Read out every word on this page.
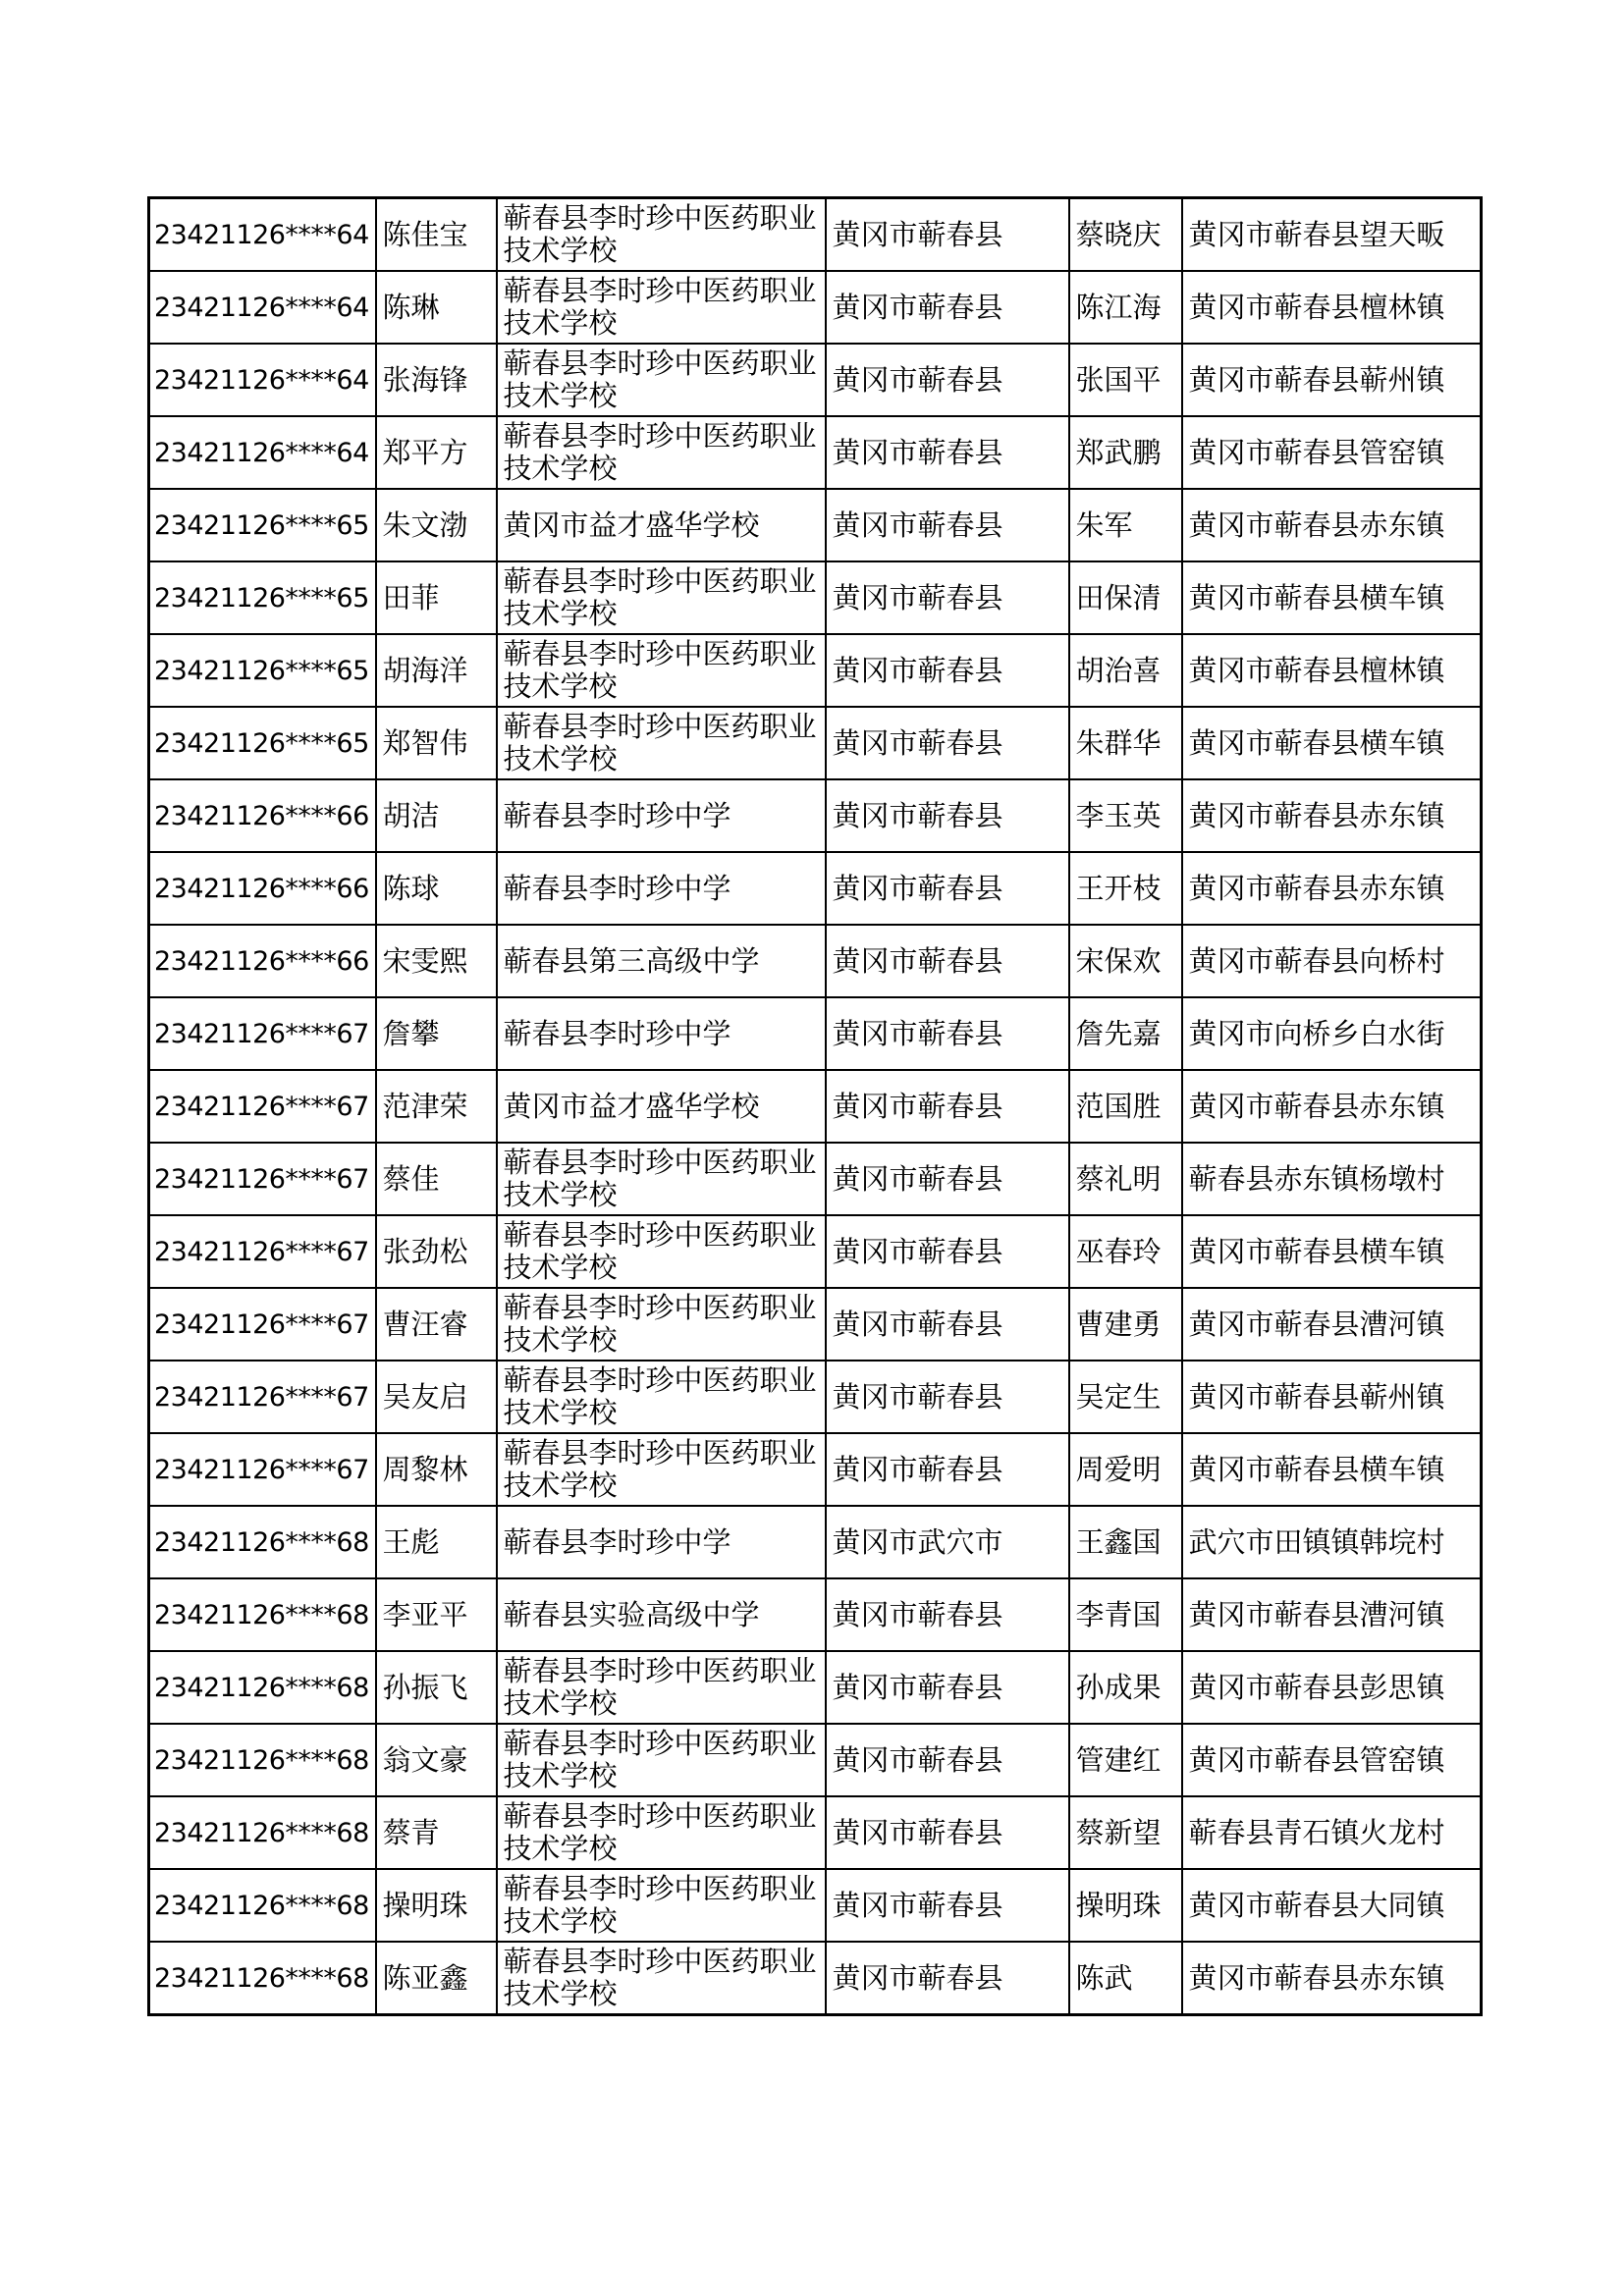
23421126****64	陈佳宝	蕲春县李时珍中医药职业技术学校	黄冈市蕲春县	蔡晓庆	黄冈市蕲春县望天畈
23421126****64	陈琳	蕲春县李时珍中医药职业技术学校	黄冈市蕲春县	陈江海	黄冈市蕲春县檀林镇
23421126****64	张海锋	蕲春县李时珍中医药职业技术学校	黄冈市蕲春县	张国平	黄冈市蕲春县蕲州镇
23421126****64	郑平方	蕲春县李时珍中医药职业技术学校	黄冈市蕲春县	郑武鹏	黄冈市蕲春县管窑镇
23421126****65	朱文渤	黄冈市益才盛华学校	黄冈市蕲春县	朱军	黄冈市蕲春县赤东镇
23421126****65	田菲	蕲春县李时珍中医药职业技术学校	黄冈市蕲春县	田保清	黄冈市蕲春县横车镇
23421126****65	胡海洋	蕲春县李时珍中医药职业技术学校	黄冈市蕲春县	胡治喜	黄冈市蕲春县檀林镇
23421126****65	郑智伟	蕲春县李时珍中医药职业技术学校	黄冈市蕲春县	朱群华	黄冈市蕲春县横车镇
23421126****66	胡洁	蕲春县李时珍中学	黄冈市蕲春县	李玉英	黄冈市蕲春县赤东镇
23421126****66	陈球	蕲春县李时珍中学	黄冈市蕲春县	王开枝	黄冈市蕲春县赤东镇
23421126****66	宋雯熙	蕲春县第三高级中学	黄冈市蕲春县	宋保欢	黄冈市蕲春县向桥村
23421126****67	詹攀	蕲春县李时珍中学	黄冈市蕲春县	詹先嘉	黄冈市向桥乡白水街
23421126****67	范津荣	黄冈市益才盛华学校	黄冈市蕲春县	范国胜	黄冈市蕲春县赤东镇
23421126****67	蔡佳	蕲春县李时珍中医药职业技术学校	黄冈市蕲春县	蔡礼明	蕲春县赤东镇杨墩村
23421126****67	张劲松	蕲春县李时珍中医药职业技术学校	黄冈市蕲春县	巫春玲	黄冈市蕲春县横车镇
23421126****67	曹汪睿	蕲春县李时珍中医药职业技术学校	黄冈市蕲春县	曹建勇	黄冈市蕲春县漕河镇
23421126****67	吴友启	蕲春县李时珍中医药职业技术学校	黄冈市蕲春县	吴定生	黄冈市蕲春县蕲州镇
23421126****67	周黎林	蕲春县李时珍中医药职业技术学校	黄冈市蕲春县	周爱明	黄冈市蕲春县横车镇
23421126****68	王彪	蕲春县李时珍中学	黄冈市武穴市	王鑫国	武穴市田镇镇韩垸村
23421126****68	李亚平	蕲春县实验高级中学	黄冈市蕲春县	李青国	黄冈市蕲春县漕河镇
23421126****68	孙振飞	蕲春县李时珍中医药职业技术学校	黄冈市蕲春县	孙成果	黄冈市蕲春县彭思镇
23421126****68	翁文豪	蕲春县李时珍中医药职业技术学校	黄冈市蕲春县	管建红	黄冈市蕲春县管窑镇
23421126****68	蔡青	蕲春县李时珍中医药职业技术学校	黄冈市蕲春县	蔡新望	蕲春县青石镇火龙村
23421126****68	操明珠	蕲春县李时珍中医药职业技术学校	黄冈市蕲春县	操明珠	黄冈市蕲春县大同镇
23421126****68	陈亚鑫	蕲春县李时珍中医药职业技术学校	黄冈市蕲春县	陈武	黄冈市蕲春县赤东镇
